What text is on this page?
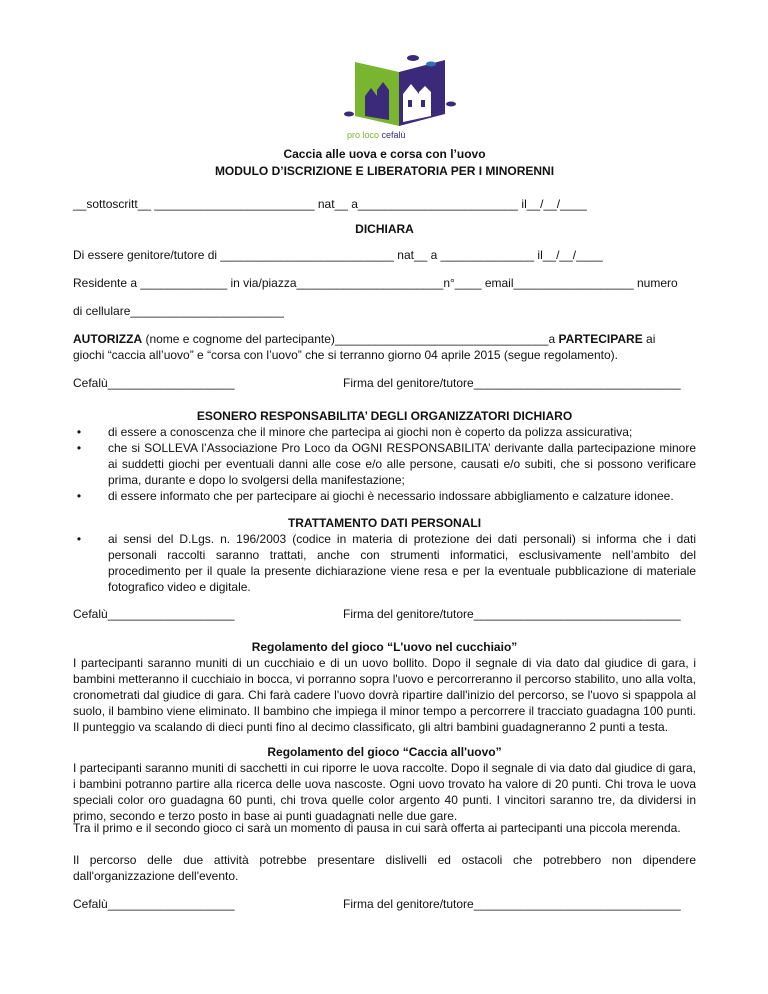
pro loco cefalù
Caccia alle uova e corsa con l’uovo
MODULO D’ISCRIZIONE E LIBERATORIA PER I MINORENNI
__sottoscritt__ ________________________ nat__ a________________________ il__/__/____
DICHIARA
Di essere genitore/tutore di __________________________ nat__ a ______________ il__/__/____
Residente a _____________ in via/piazza______________________n°____ email__________________ numero
di cellulare_______________________
AUTORIZZA (nome e cognome del partecipante)________________________________a PARTECIPARE ai
giochi “caccia all’uovo” e “corsa con l’uovo” che si terranno giorno 04 aprile 2015 (segue regolamento).
Cefalù___________________	Firma del genitore/tutore_______________________________
ESONERO RESPONSABILITA’ DEGLI ORGANIZZATORI DICHIARO
• di essere a conoscenza che il minore che partecipa ai giochi non è coperto da polizza assicurativa;
• che si SOLLEVA l’Associazione Pro Loco da OGNI RESPONSABILITA’ derivante dalla partecipazione minore ai suddetti giochi per eventuali danni alle cose e/o alle persone, causati e/o subiti, che si possono verificare prima, durante e dopo lo svolgersi della manifestazione;
• di essere informato che per partecipare ai giochi è necessario indossare abbigliamento e calzature idonee.
TRATTAMENTO DATI PERSONALI
• ai sensi del D.Lgs. n. 196/2003 (codice in materia di protezione dei dati personali) si informa che i dati personali raccolti saranno trattati, anche con strumenti informatici, esclusivamente nell’ambito del procedimento per il quale la presente dichiarazione viene resa e per la eventuale pubblicazione di materiale fotografico video e digitale.
Cefalù___________________	Firma del genitore/tutore_______________________________
Regolamento del gioco “L'uovo nel cucchiaio”
I partecipanti saranno muniti di un cucchiaio e di un uovo bollito. Dopo il segnale di via dato dal giudice di gara, i bambini metteranno il cucchiaio in bocca, vi porranno sopra l'uovo e percorreranno il percorso stabilito, uno alla volta, cronometrati dal giudice di gara. Chi farà cadere l'uovo dovrà ripartire dall'inizio del percorso, se l'uovo si spappola al suolo, il bambino viene eliminato. Il bambino che impiega il minor tempo a percorrere il tracciato guadagna 100 punti. Il punteggio va scalando di dieci punti fino al decimo classificato, gli altri bambini guadagneranno 2 punti a testa.
Regolamento del gioco “Caccia all'uovo”
I partecipanti saranno muniti di sacchetti in cui riporre le uova raccolte. Dopo il segnale di via dato dal giudice di gara, i bambini potranno partire alla ricerca delle uova nascoste. Ogni uovo trovato ha valore di 20 punti. Chi trova le uova speciali color oro guadagna 60 punti, chi trova quelle color argento 40 punti. I vincitori saranno tre, da dividersi in primo, secondo e terzo posto in base ai punti guadagnati nelle due gare.
Tra il primo e il secondo gioco ci sarà un momento di pausa in cui sarà offerta ai partecipanti una piccola merenda.
Il percorso delle due attività potrebbe presentare dislivelli ed ostacoli che potrebbero non dipendere dall'organizzazione dell'evento.
Cefalù___________________	Firma del genitore/tutore_______________________________
